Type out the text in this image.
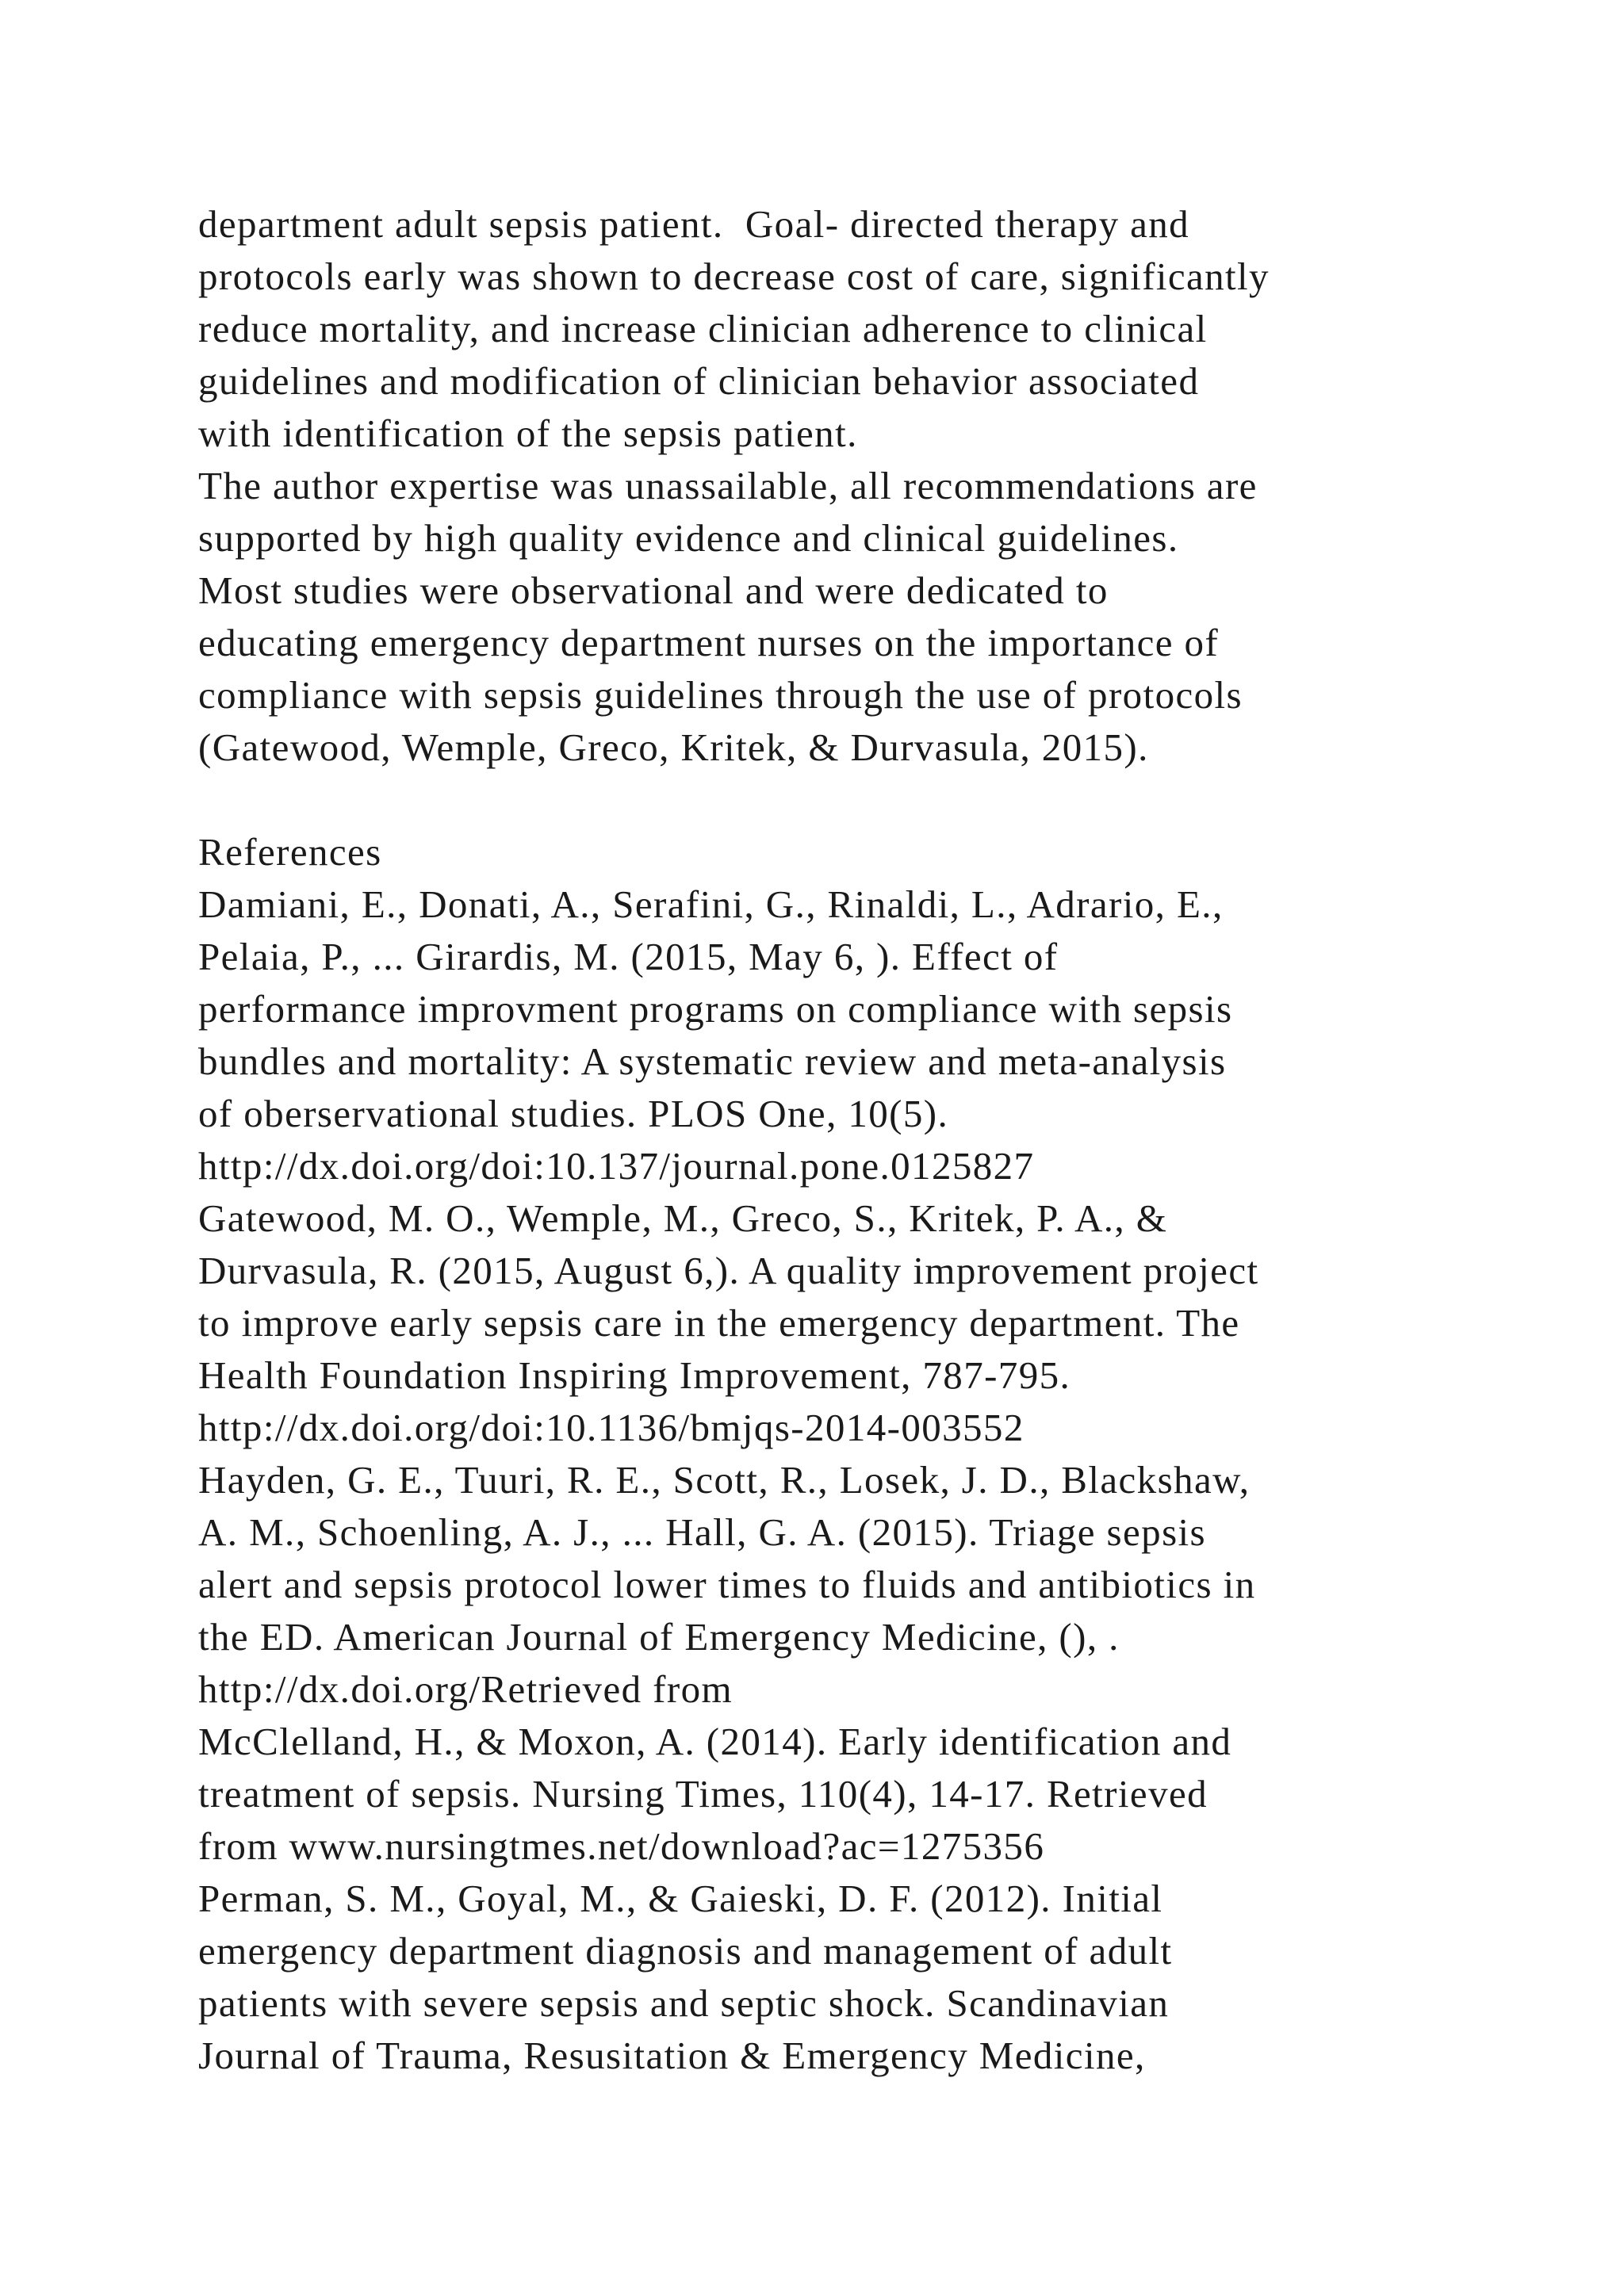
department adult sepsis patient.  Goal- directed therapy and
protocols early was shown to decrease cost of care, significantly
reduce mortality, and increase clinician adherence to clinical
guidelines and modification of clinician behavior associated
with identification of the sepsis patient.
The author expertise was unassailable, all recommendations are
supported by high quality evidence and clinical guidelines.
Most studies were observational and were dedicated to
educating emergency department nurses on the importance of
compliance with sepsis guidelines through the use of protocols
(Gatewood, Wemple, Greco, Kritek, & Durvasula, 2015).
References
Damiani, E., Donati, A., Serafini, G., Rinaldi, L., Adrario, E.,
Pelaia, P., ... Girardis, M. (2015, May 6, ). Effect of
performance improvment programs on compliance with sepsis
bundles and mortality: A systematic review and meta-analysis
of oberservational studies. PLOS One, 10(5).
http://dx.doi.org/doi:10.137/journal.pone.0125827
Gatewood, M. O., Wemple, M., Greco, S., Kritek, P. A., &
Durvasula, R. (2015, August 6,). A quality improvement project
to improve early sepsis care in the emergency department. The
Health Foundation Inspiring Improvement, 787-795.
http://dx.doi.org/doi:10.1136/bmjqs-2014-003552
Hayden, G. E., Tuuri, R. E., Scott, R., Losek, J. D., Blackshaw,
A. M., Schoenling, A. J., ... Hall, G. A. (2015). Triage sepsis
alert and sepsis protocol lower times to fluids and antibiotics in
the ED. American Journal of Emergency Medicine, (), .
http://dx.doi.org/Retrieved from
McClelland, H., & Moxon, A. (2014). Early identification and
treatment of sepsis. Nursing Times, 110(4), 14-17. Retrieved
from www.nursingtmes.net/download?ac=1275356
Perman, S. M., Goyal, M., & Gaieski, D. F. (2012). Initial
emergency department diagnosis and management of adult
patients with severe sepsis and septic shock. Scandinavian
Journal of Trauma, Resusitation & Emergency Medicine,
